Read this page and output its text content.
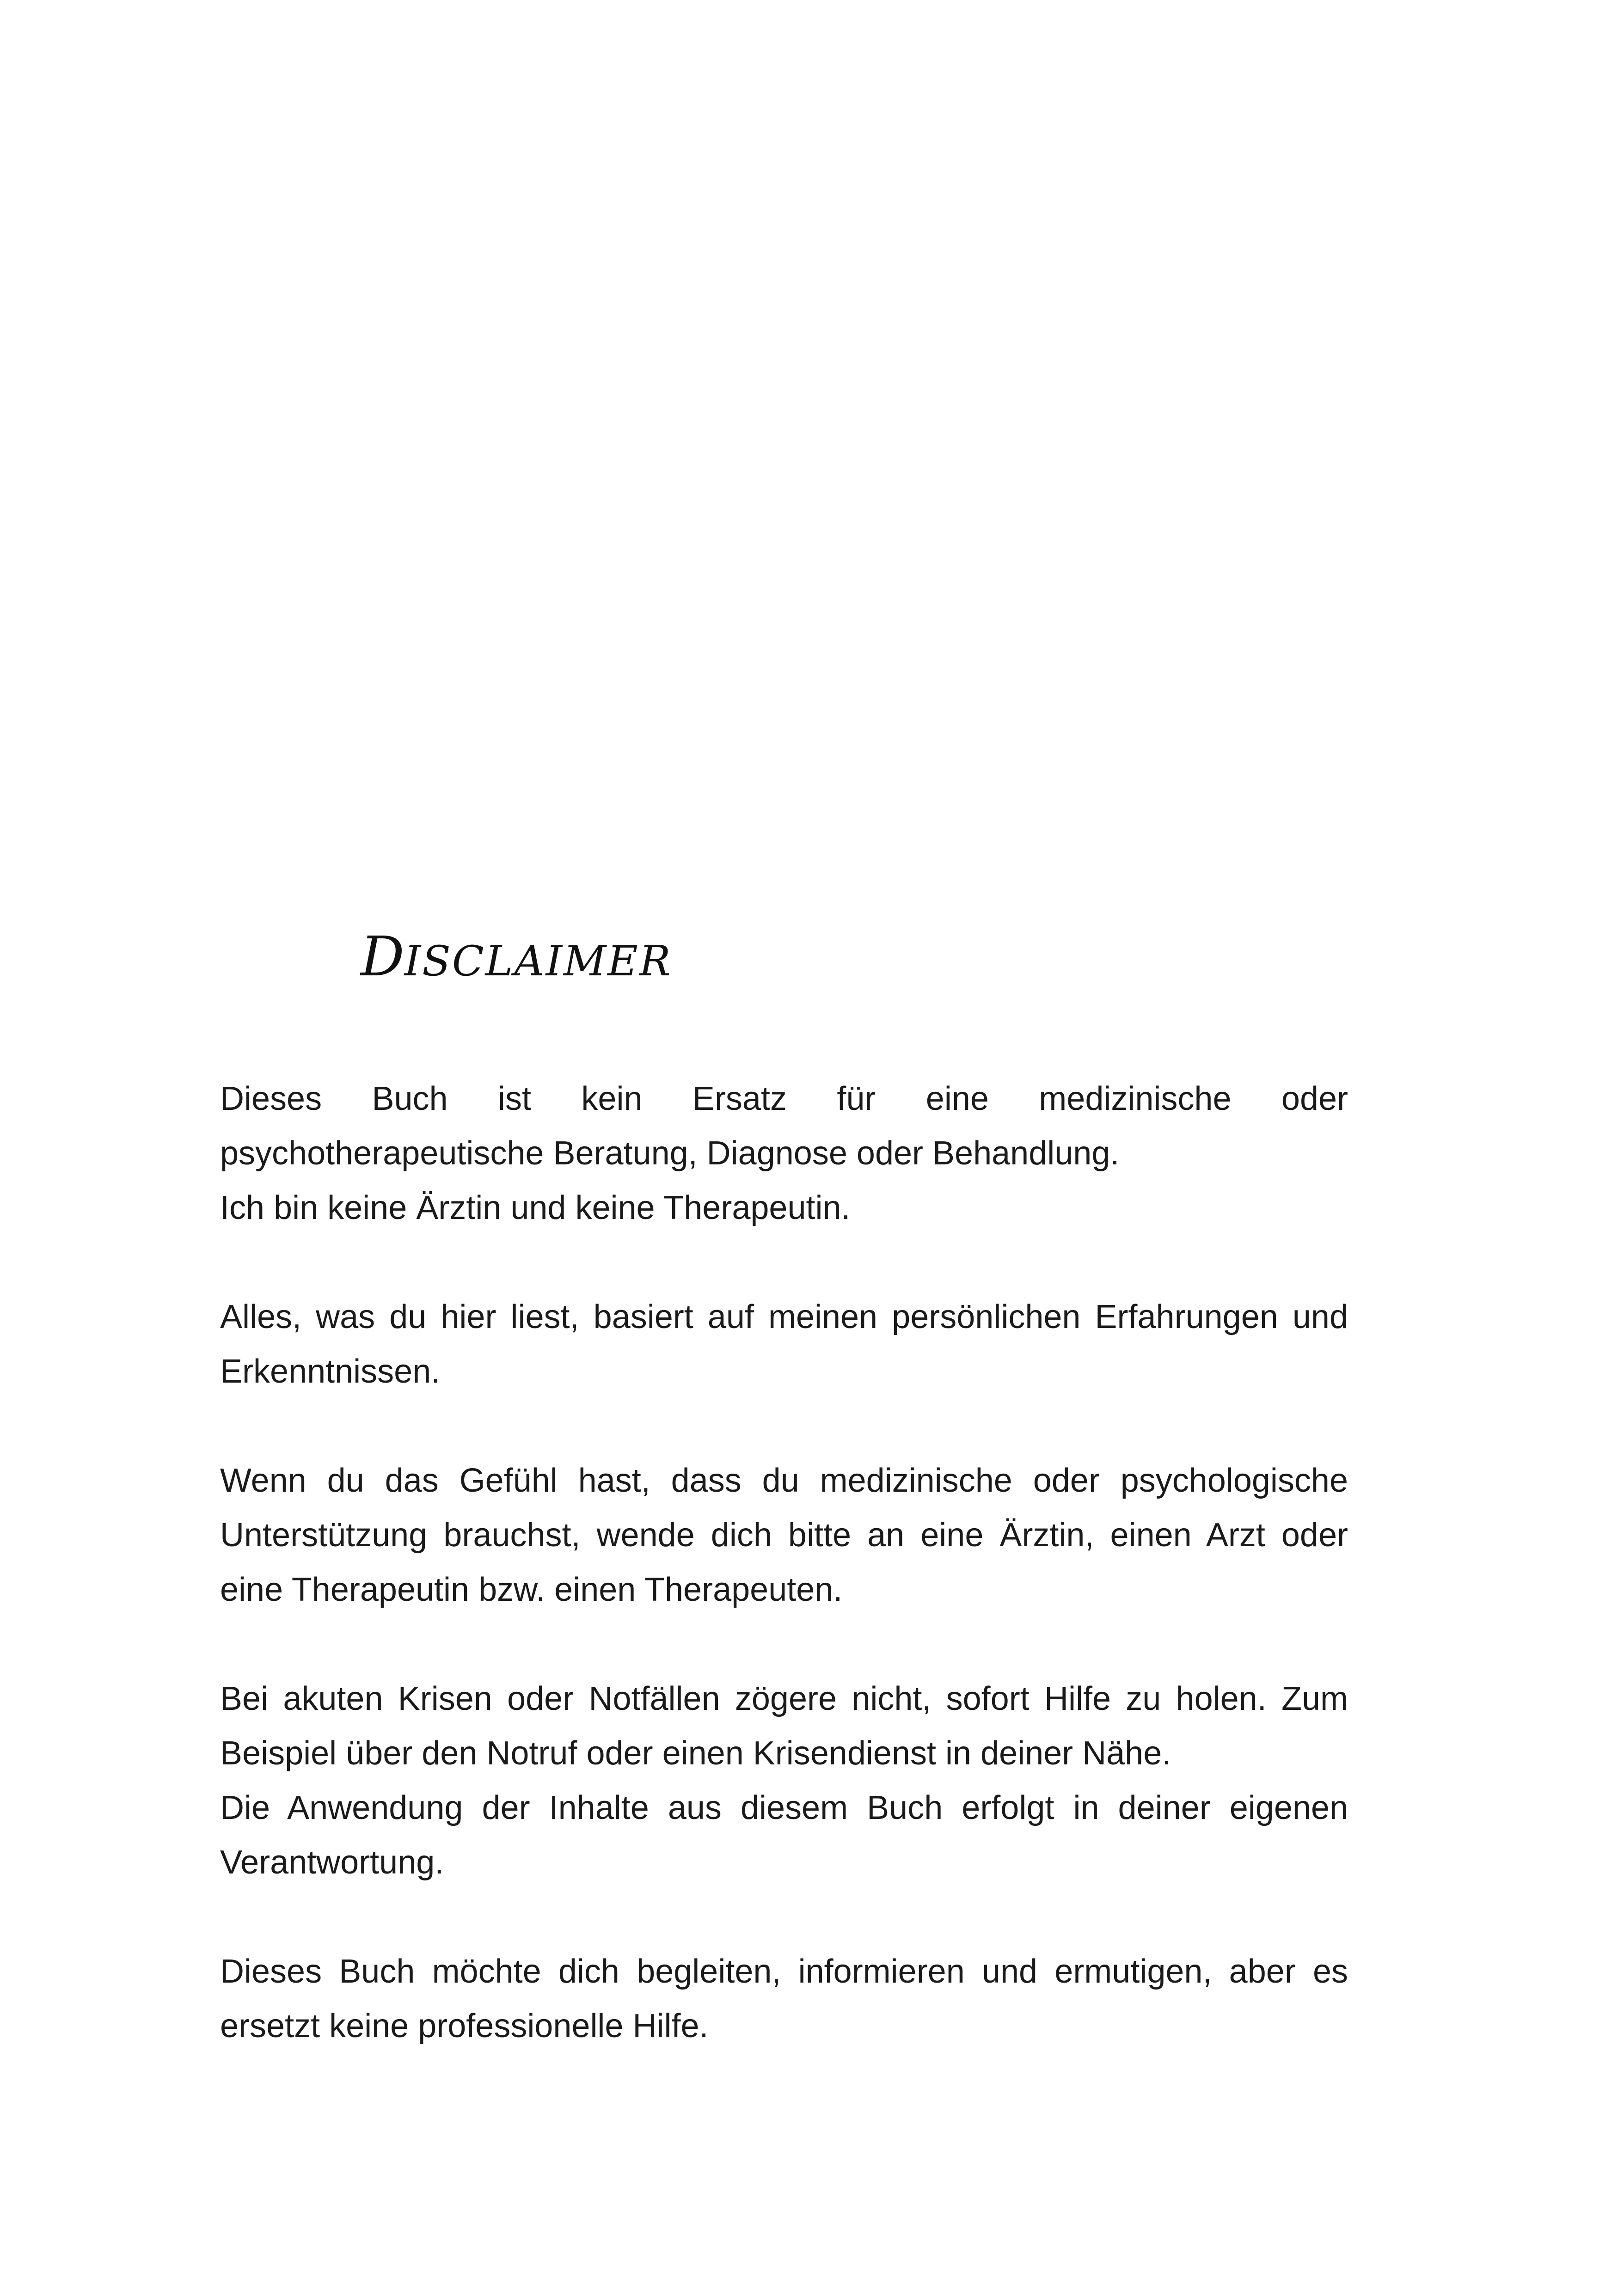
DISCLAIMER

Dieses Buch ist kein Ersatz für eine medizinische oder
psychotherapeutische Beratung, Diagnose oder Behandlung.
Ich bin keine Ärztin und keine Therapeutin.

Alles, was du hier liest, basiert auf meinen persönlichen Erfahrungen und
Erkenntnissen.

Wenn du das Gefühl hast, dass du medizinische oder psychologische
Unterstützung brauchst, wende dich bitte an eine Ärztin, einen Arzt oder
eine Therapeutin bzw. einen Therapeuten.

Bei akuten Krisen oder Notfällen zögere nicht, sofort Hilfe zu holen. Zum
Beispiel über den Notruf oder einen Krisendienst in deiner Nähe.
Die Anwendung der Inhalte aus diesem Buch erfolgt in deiner eigenen
Verantwortung.

Dieses Buch möchte dich begleiten, informieren und ermutigen, aber es
ersetzt keine professionelle Hilfe.
